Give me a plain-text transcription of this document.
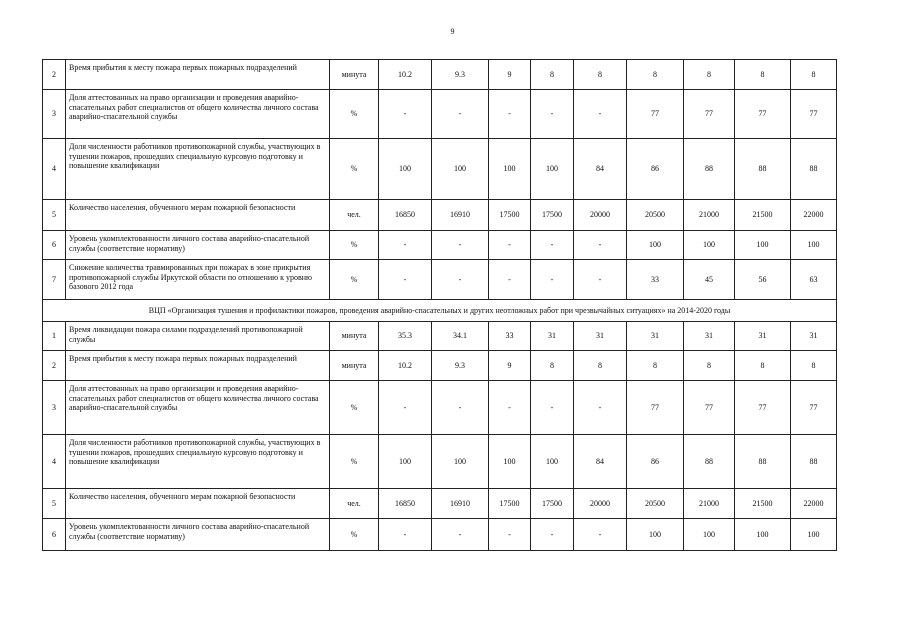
9
2	Время прибытия к месту пожара первых пожарных подразделений	минута	10.2	9.3	9	8	8	8	8	8	8
3	Доля аттестованных на право организации и проведения аварийно-спасательных работ специалистов от общего количества личного состава аварийно-спасательной службы	%	-	-	-	-	-	77	77	77	77
4	Доля численности работников противопожарной службы, участвующих в тушении пожаров, прошедших специальную курсовую подготовку и повышение квалификации	%	100	100	100	100	84	86	88	88	88
5	Количество населения, обученного мерам пожарной безопасности	чел.	16850	16910	17500	17500	20000	20500	21000	21500	22000
6	Уровень укомплектованности личного состава аварийно-спасательной службы (соответствие нормативу)	%	-	-	-	-	-	100	100	100	100
7	Снижение количества травмированных при пожарах в зоне прикрытия противопожарной службы Иркутской области по отношению к уровню базового 2012 года	%	-	-	-	-	-	33	45	56	63
ВЦП «Организация тушения и профилактики пожаров, проведения аварийно-спасательных и других неотложных работ при чрезвычайных ситуациях» на 2014-2020 годы											
1	Время ликвидации пожара силами подразделений противопожарной службы	минута	35.3	34.1	33	31	31	31	31	31	31
2	Время прибытия к месту пожара первых пожарных подразделений	минута	10.2	9.3	9	8	8	8	8	8	8
3	Доля аттестованных на право организации и проведения аварийно-спасательных работ специалистов от общего количества личного состава аварийно-спасательной службы	%	-	-	-	-	-	77	77	77	77
4	Доля численности работников противопожарной службы, участвующих в тушении пожаров, прошедших специальную курсовую подготовку и повышение квалификации	%	100	100	100	100	84	86	88	88	88
5	Количество населения, обученного мерам пожарной безопасности	чел.	16850	16910	17500	17500	20000	20500	21000	21500	22000
6	Уровень укомплектованности личного состава аварийно-спасательной службы (соответствие нормативу)	%	-	-	-	-	-	100	100	100	100
